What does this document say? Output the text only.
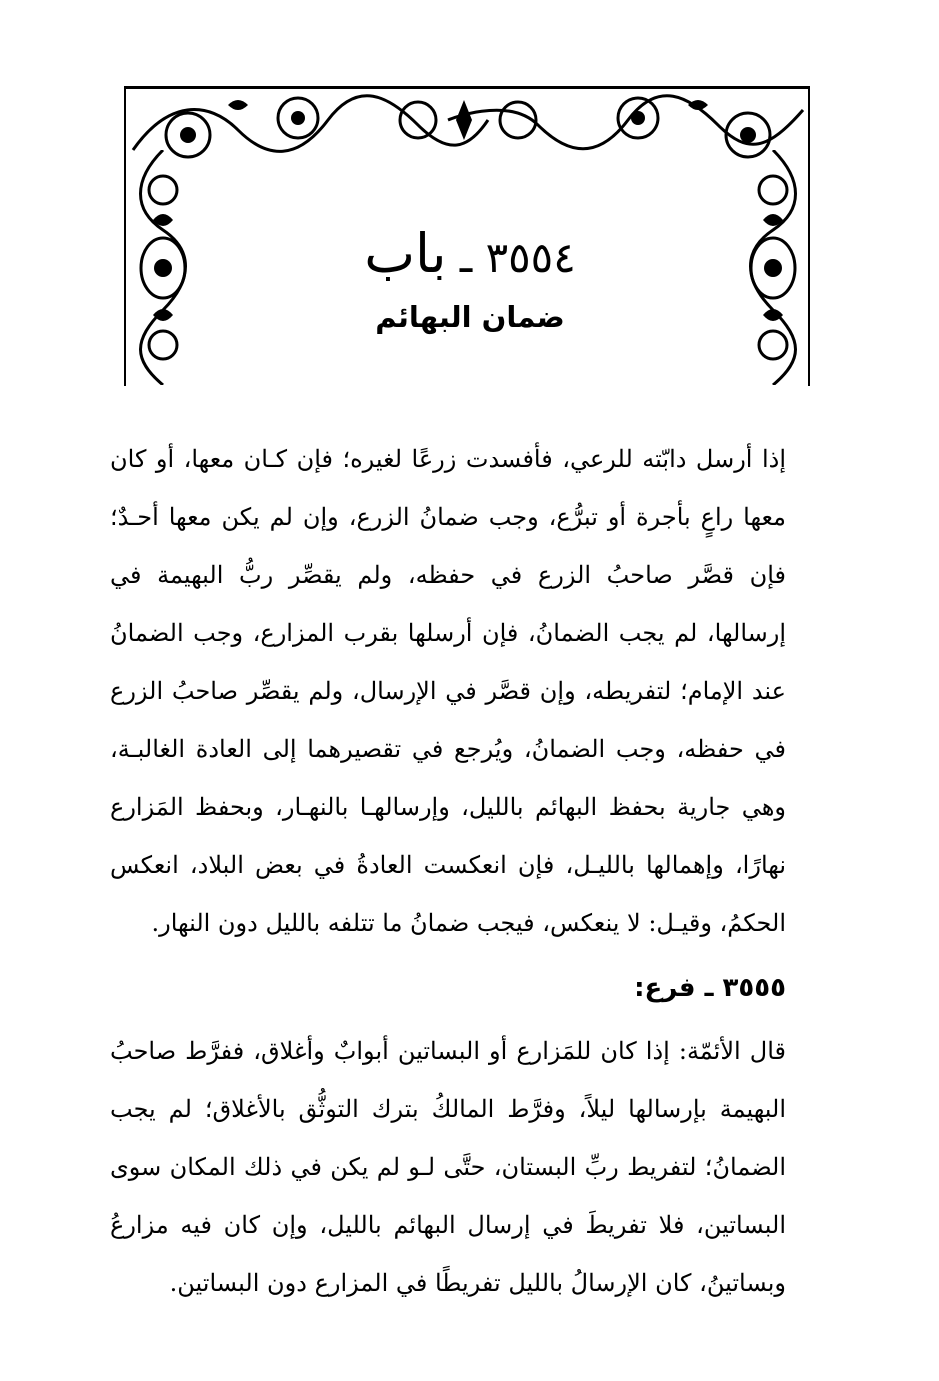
٣٥٥٤ ـ باب
ضمان البهائم

إذا أرسل دابّته للرعي، فأفسدت زرعًا لغيره؛ فإن كـان معها، أو كان معها راعٍ بأجرة أو تبرُّع، وجب ضمانُ الزرع، وإن لم يكن معها أحـدٌ؛ فإن قصَّر صاحبُ الزرع في حفظه، ولم يقصِّر ربُّ البهيمة في إرسالها، لم يجب الضمانُ، فإن أرسلها بقرب المزارع، وجب الضمانُ عند الإمام؛ لتفريطه، وإن قصَّر في الإرسال، ولم يقصِّر صاحبُ الزرع في حفظه، وجب الضمانُ، ويُرجع في تقصيرهما إلى العادة الغالبـة، وهي جارية بحفظ البهائم بالليل، وإرسالهـا بالنهـار، وبحفظ المَزارع نهارًا، وإهمالها بالليـل، فإن انعكست العادةُ في بعض البلاد، انعكس الحكمُ، وقيـل: لا ينعكس، فيجب ضمانُ ما تتلفه بالليل دون النهار.

٣٥٥٥ ـ فرع:

قال الأئمّة: إذا كان للمَزارع أو البساتين أبوابٌ وأغلاق، ففرَّط صاحبُ البهيمة بإرسالها ليلاً، وفرَّط المالكُ بترك التوثُّق بالأغلاق؛ لم يجب الضمانُ؛ لتفريط ربِّ البستان، حتَّى لـو لم يكن في ذلك المكان سوى البساتين، فلا تفريطَ في إرسال البهائم بالليل، وإن كان فيه مزارعُ وبساتينُ، كان الإرسالُ بالليل تفريطًا في المزارع دون البساتين.
